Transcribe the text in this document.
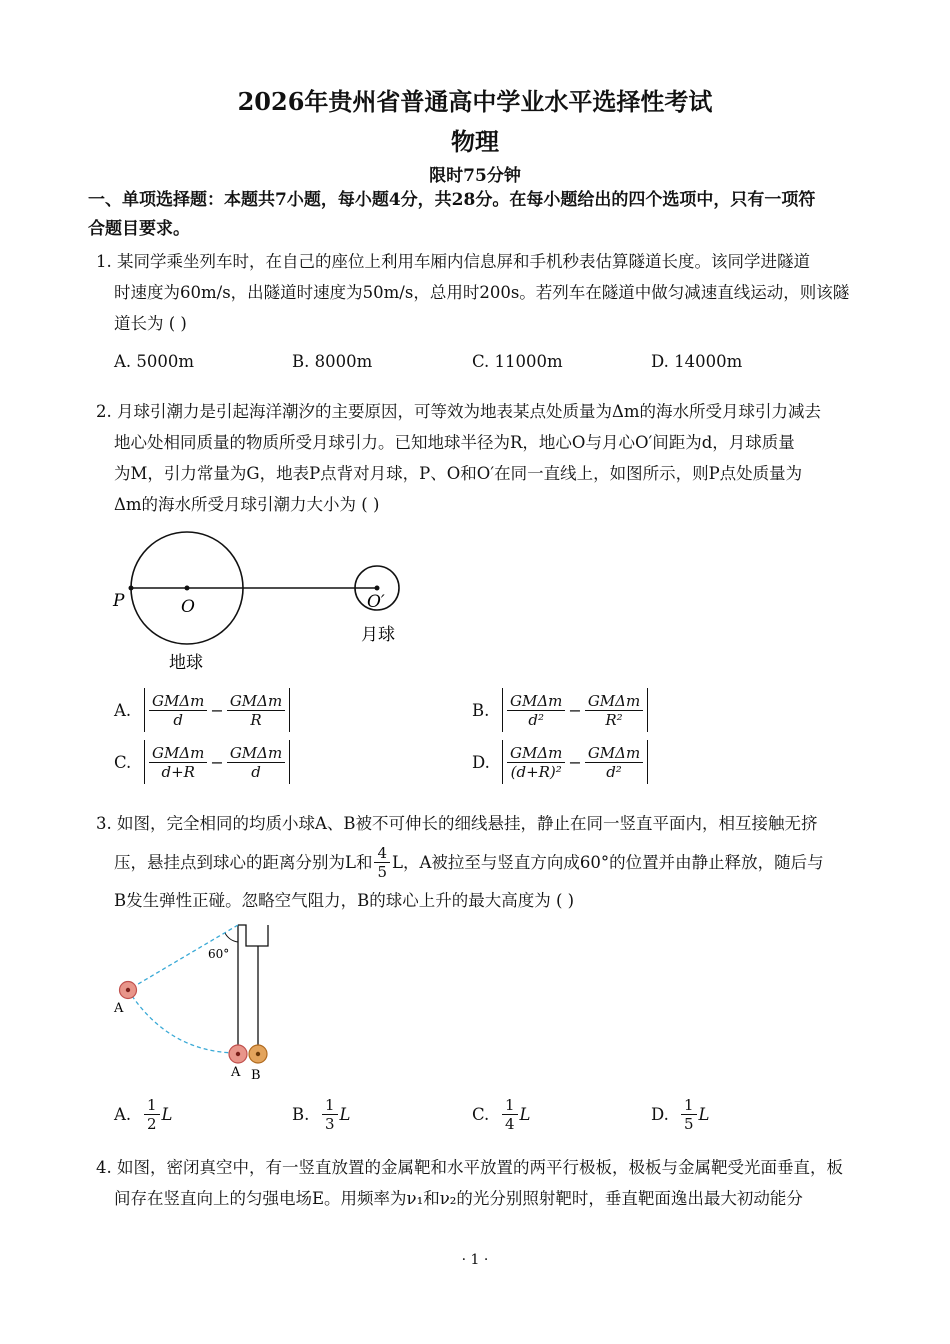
2026年贵州省普通高中学业水平选择性考试
物理
限时75分钟
一、单项选择题：本题共7小题，每小题4分，共28分。在每小题给出的四个选项中，只有一项符
合题目要求。
1. 某同学乘坐列车时，在自己的座位上利用车厢内信息屏和手机秒表估算隧道长度。该同学进隧道
时速度为60m/s，出隧道时速度为50m/s，总用时200s。若列车在隧道中做匀减速直线运动，则该隧
道长为 ( )
A. 5000m	B. 8000m	C. 11000m	D. 14000m
2. 月球引潮力是引起海洋潮汐的主要原因，可等效为地表某点处质量为Δm的海水所受月球引力减去
地心处相同质量的物质所受月球引力。已知地球半径为R，地心O与月心O′间距为d，月球质量
为M，引力常量为G，地表P点背对月球，P、O和O′在同一直线上，如图所示，则P点处质量为
Δm的海水所受月球引潮力大小为 ( )
P	O	O′
月球
地球
A. $\frac{\text{GMΔm}}{d} - \frac{\text{GMΔm}}{R}$	B. $\frac{\text{GMΔm}}{\text{d²}} - \frac{\text{GMΔm}}{\text{R²}}$
C. $\frac{\text{GMΔm}}{d+R} - \frac{\text{GMΔm}}{d}$	D. $\frac{\text{GMΔm}}{\text{(d+R)²}} - \frac{\text{GMΔm}}{\text{d²}}$
3. 如图，完全相同的均质小球A、B被不可伸长的细线悬挂，静止在同一竖直平面内，相互接触无挤
压，悬挂点到球心的距离分别为L和 $\frac{4}{5}$ L，A被拉至与竖直方向成60°的位置并由静止释放，随后与
B发生弹性正碰。忽略空气阻力，B的球心上升的最大高度为 ( )
60°
A
A B
A. $\frac{1}{2}$ L	B. $\frac{1}{3}$ L	C. $\frac{1}{4}$ L	D. $\frac{1}{5}$ L
4. 如图，密闭真空中，有一竖直放置的金属靶和水平放置的两平行极板，极板与金属靶受光面垂直，板
间存在竖直向上的匀强电场E。用频率为ν₁和ν₂的光分别照射靶时，垂直靶面逸出最大初动能分
· 1 ·
